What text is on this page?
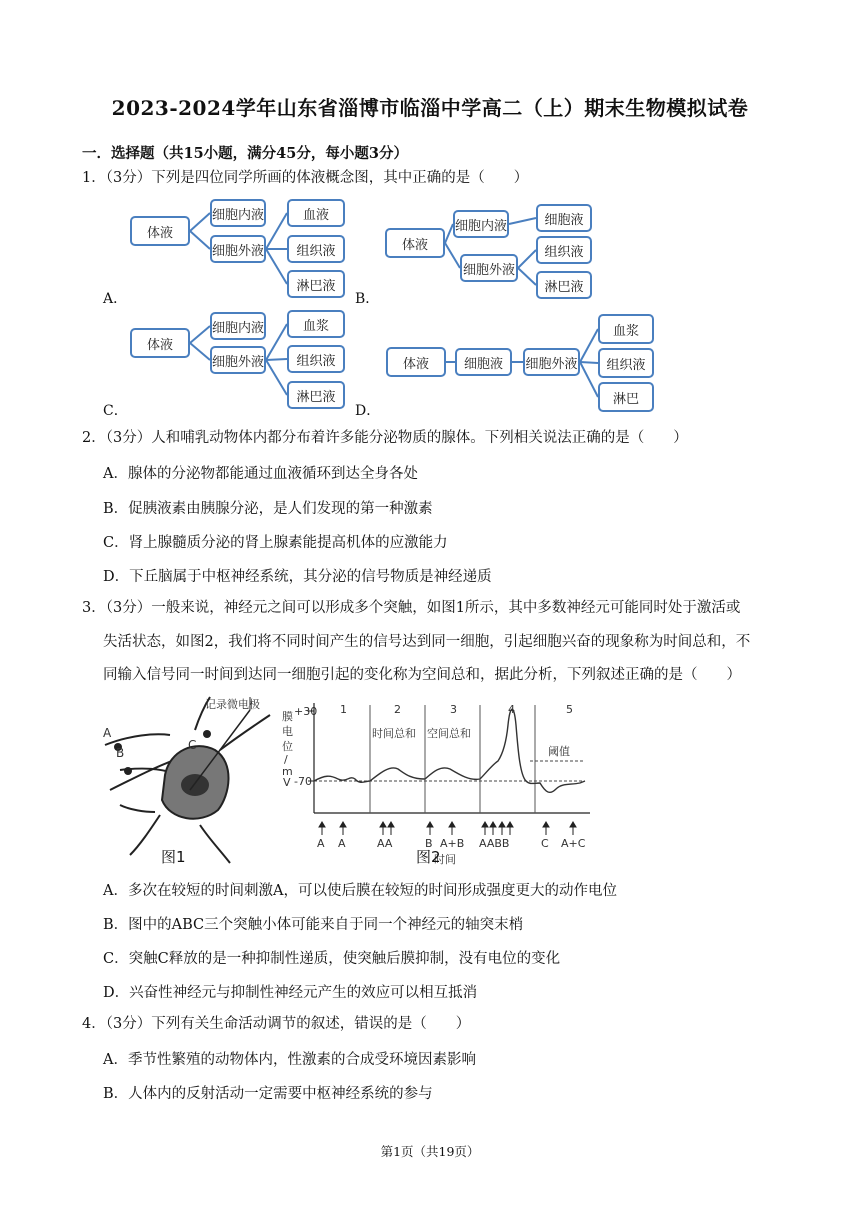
2023-2024学年山东省淄博市临淄中学高二（上）期末生物模拟试卷
一．选择题（共15小题，满分45分，每小题3分）
1．（3分）下列是四位同学所画的体液概念图，其中正确的是（　　）
体液
细胞内液
细胞外液
血液
组织液
淋巴液
A．
体液
细胞内液
细胞外液
细胞液
组织液
淋巴液
B．
体液
细胞内液
细胞外液
血浆
组织液
淋巴液
C．
体液	细胞液	细胞外液
血浆
组织液
淋巴
D．
2．（3分）人和哺乳动物体内都分布着许多能分泌物质的腺体。下列相关说法正确的是（　　）
A．腺体的分泌物都能通过血液循环到达全身各处
B．促胰液素由胰腺分泌，是人们发现的第一种激素
C．肾上腺髓质分泌的肾上腺素能提高机体的应激能力
D．下丘脑属于中枢神经系统，其分泌的信号物质是神经递质
3．（3分）一般来说，神经元之间可以形成多个突触，如图1所示，其中多数神经元可能同时处于激活或
失活状态，如图2，我们将不同时间产生的信号达到同一细胞，引起细胞兴奋的现象称为时间总和，不
同输入信号同一时间到达同一细胞引起的变化称为空间总和，据此分析，下列叙述正确的是（　　）
记录微电极
A
B
C
图1
膜 电 位 / m V
+30
-70
1	2	3	4	5
时间总和 空间总和
阈值
A A	AA	B A+B AABB	C A+C
时间
图2
A．多次在较短的时间刺激A，可以使后膜在较短的时间形成强度更大的动作电位
B．图中的ABC三个突触小体可能来自于同一个神经元的轴突末梢
C．突触C释放的是一种抑制性递质，使突触后膜抑制，没有电位的变化
D．兴奋性神经元与抑制性神经元产生的效应可以相互抵消
4．（3分）下列有关生命活动调节的叙述，错误的是（　　）
A．季节性繁殖的动物体内，性激素的合成受环境因素影响
B．人体内的反射活动一定需要中枢神经系统的参与
第1页（共19页）
